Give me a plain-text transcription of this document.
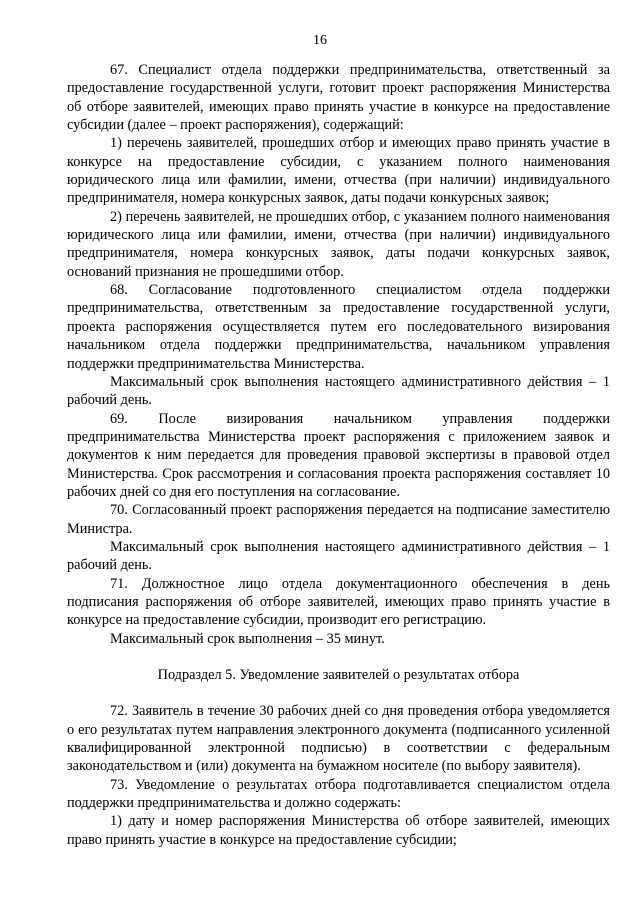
16

67. Специалист отдела поддержки предпринимательства, ответственный за предоставление государственной услуги, готовит проект распоряжения Министерства об отборе заявителей, имеющих право принять участие в конкурсе на предоставление субсидии (далее – проект распоряжения), содержащий:

1) перечень заявителей, прошедших отбор и имеющих право принять участие в конкурсе на предоставление субсидии, с указанием полного наименования юридического лица или фамилии, имени, отчества (при наличии) индивидуального предпринимателя, номера конкурсных заявок, даты подачи конкурсных заявок;

2) перечень заявителей, не прошедших отбор, с указанием полного наименования юридического лица или фамилии, имени, отчества (при наличии) индивидуального предпринимателя, номера конкурсных заявок, даты подачи конкурсных заявок, оснований признания не прошедшими отбор.

68. Согласование подготовленного специалистом отдела поддержки предпринимательства, ответственным за предоставление государственной услуги, проекта распоряжения осуществляется путем его последовательного визирования начальником отдела поддержки предпринимательства, начальником управления поддержки предпринимательства Министерства.

Максимальный срок выполнения настоящего административного действия – 1 рабочий день.

69. После визирования начальником управления поддержки предпринимательства Министерства проект распоряжения с приложением заявок и документов к ним передается для проведения правовой экспертизы в правовой отдел Министерства. Срок рассмотрения и согласования проекта распоряжения составляет 10 рабочих дней со дня его поступления на согласование.

70. Согласованный проект распоряжения передается на подписание заместителю Министра.

Максимальный срок выполнения настоящего административного действия – 1 рабочий день.

71. Должностное лицо отдела документационного обеспечения в день подписания распоряжения об отборе заявителей, имеющих право принять участие в конкурсе на предоставление субсидии, производит его регистрацию.

Максимальный срок выполнения – 35 минут.

Подраздел 5. Уведомление заявителей о результатах отбора

72. Заявитель в течение 30 рабочих дней со дня проведения отбора уведомляется о его результатах путем направления электронного документа (подписанного усиленной квалифицированной электронной подписью) в соответствии с федеральным законодательством и (или) документа на бумажном носителе (по выбору заявителя).

73. Уведомление о результатах отбора подготавливается специалистом отдела поддержки предпринимательства и должно содержать:

1) дату и номер распоряжения Министерства об отборе заявителей, имеющих право принять участие в конкурсе на предоставление субсидии;
